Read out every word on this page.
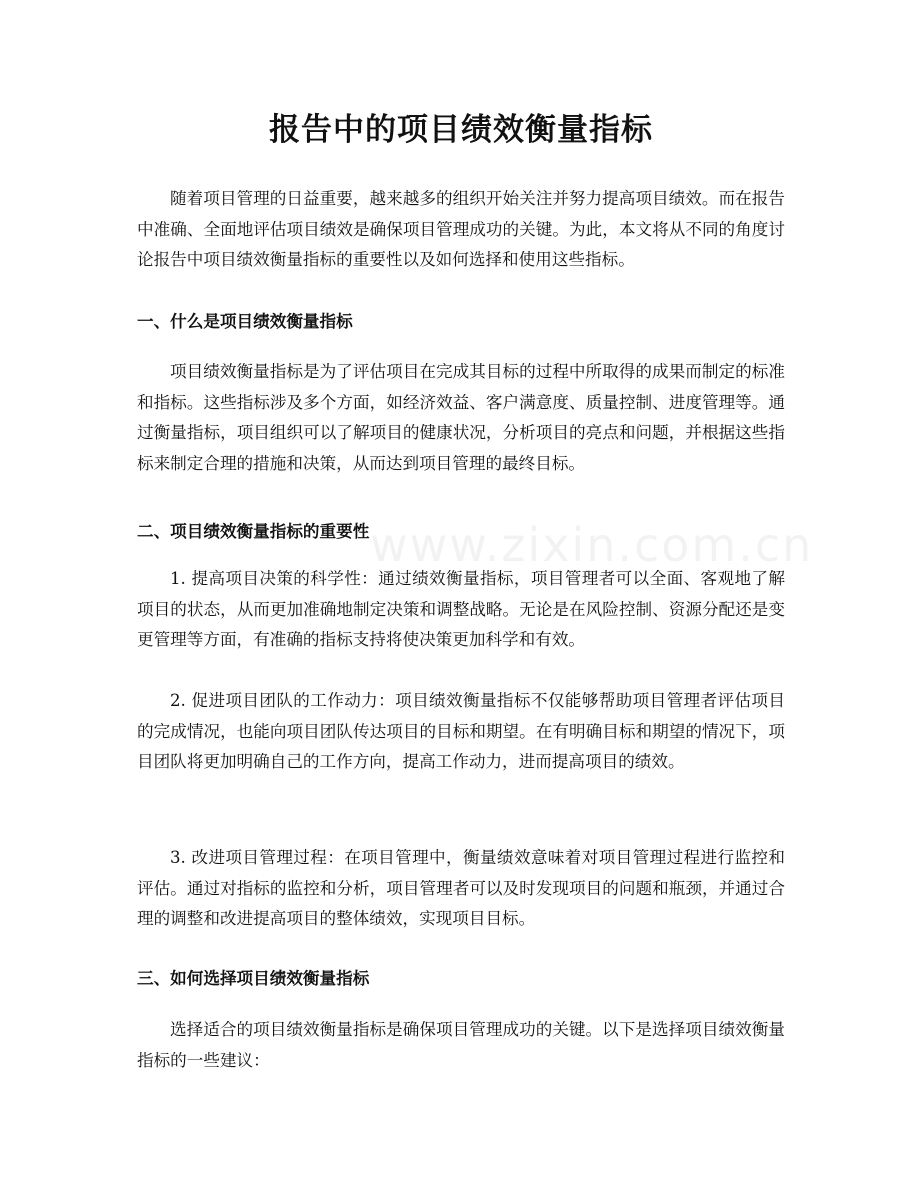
报告中的项目绩效衡量指标

随着项目管理的日益重要，越来越多的组织开始关注并努力提高项目绩效。而在报告中准确、全面地评估项目绩效是确保项目管理成功的关键。为此，本文将从不同的角度讨论报告中项目绩效衡量指标的重要性以及如何选择和使用这些指标。

一、什么是项目绩效衡量指标

项目绩效衡量指标是为了评估项目在完成其目标的过程中所取得的成果而制定的标准和指标。这些指标涉及多个方面，如经济效益、客户满意度、质量控制、进度管理等。通过衡量指标，项目组织可以了解项目的健康状况，分析项目的亮点和问题，并根据这些指标来制定合理的措施和决策，从而达到项目管理的最终目标。

二、项目绩效衡量指标的重要性

1. 提高项目决策的科学性：通过绩效衡量指标，项目管理者可以全面、客观地了解项目的状态，从而更加准确地制定决策和调整战略。无论是在风险控制、资源分配还是变更管理等方面，有准确的指标支持将使决策更加科学和有效。

2. 促进项目团队的工作动力：项目绩效衡量指标不仅能够帮助项目管理者评估项目的完成情况，也能向项目团队传达项目的目标和期望。在有明确目标和期望的情况下，项目团队将更加明确自己的工作方向，提高工作动力，进而提高项目的绩效。

3. 改进项目管理过程：在项目管理中，衡量绩效意味着对项目管理过程进行监控和评估。通过对指标的监控和分析，项目管理者可以及时发现项目的问题和瓶颈，并通过合理的调整和改进提高项目的整体绩效，实现项目目标。

三、如何选择项目绩效衡量指标

选择适合的项目绩效衡量指标是确保项目管理成功的关键。以下是选择项目绩效衡量指标的一些建议：

www.zixin.com.cn
